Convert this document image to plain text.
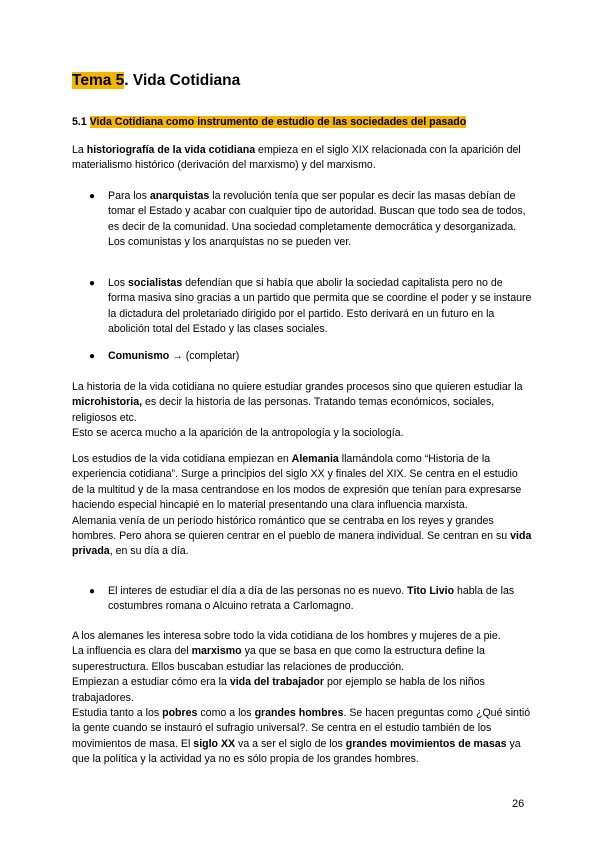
Tema 5. Vida Cotidiana
5.1 Vida Cotidiana como instrumento de estudio de las sociedades del pasado

La historiografía de la vida cotidiana empieza en el siglo XIX relacionada con la aparición del materialismo histórico (derivación del marxismo) y del marxismo.

● Para los anarquistas la revolución tenía que ser popular es decir las masas debían de tomar el Estado y acabar con cualquier tipo de autoridad. Buscan que todo sea de todos, es decir de la comunidad. Una sociedad completamente democrática y desorganizada.
Los comunistas y los anarquistas no se pueden ver.
● Los socialistas defendían que si había que abolir la sociedad capitalista pero no de forma masiva sino gracias a un partido que permita que se coordine el poder y se instaure la dictadura del proletariado dirigido por el partido. Esto derivará en un futuro en la abolición total del Estado y las clases sociales.
● Comunismo → (completar)

La historia de la vida cotidiana no quiere estudiar grandes procesos sino que quieren estudiar la microhistoria, es decir la historia de las personas. Tratando temas económicos, sociales, religiosos etc.
Esto se acerca mucho a la aparición de la antropología y la sociología.

Los estudios de la vida cotidiana empiezan en Alemania llamándola como “Historia de la experiencia cotidiana”. Surge a principios del siglo XX y finales del XIX. Se centra en el estudio de la multitud y de la masa centrandose en los modos de expresión que tenían para expresarse haciendo especial hincapié en lo material presentando una clara influencia marxista.
Alemania venía de un período histórico romántico que se centraba en los reyes y grandes hombres. Pero ahora se quieren centrar en el pueblo de manera individual. Se centran en su vida privada, en su día a día.

● El interes de estudiar el día a día de las personas no es nuevo. Tito Livio habla de las costumbres romana o Alcuino retrata a Carlomagno.

A los alemanes les interesa sobre todo la vida cotidiana de los hombres y mujeres de a pie.
La influencia es clara del marxismo ya que se basa en que como la estructura define la superestructura. Ellos buscaban estudiar las relaciones de producción.
Empiezan a estudiar cómo era la vida del trabajador por ejemplo se habla de los niños trabajadores.
Estudia tanto a los pobres como a los grandes hombres. Se hacen preguntas como ¿Qué sintió la gente cuando se instauró el sufragio universal?. Se centra en el estudio también de los movimientos de masa. El siglo XX va a ser el siglo de los grandes movimientos de masas ya que la política y la actividad ya no es sólo propia de los grandes hombres.

26
